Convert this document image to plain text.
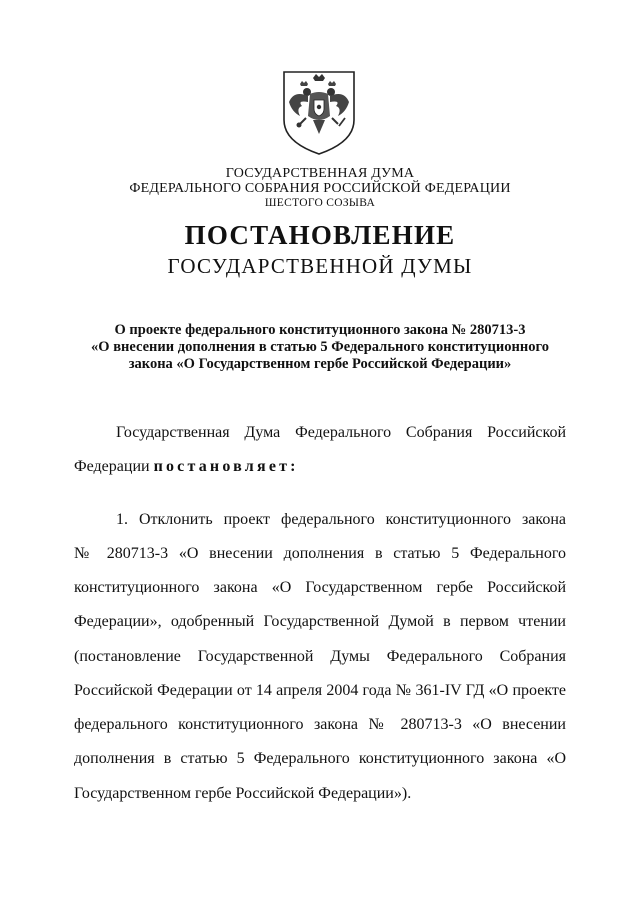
ГОСУДАРСТВЕННАЯ ДУМА
ФЕДЕРАЛЬНОГО СОБРАНИЯ РОССИЙСКОЙ ФЕДЕРАЦИИ
ШЕСТОГО СОЗЫВА
ПОСТАНОВЛЕНИЕ
ГОСУДАРСТВЕННОЙ ДУМЫ
О проекте федерального конституционного закона № 280713-3
«О внесении дополнения в статью 5 Федерального конституционного
закона «О Государственном гербе Российской Федерации»
Государственная Дума Федерального Собрания Российской
Федерации постановляет:
1. Отклонить проект федерального конституционного закона
№ 280713-3 «О внесении дополнения в статью 5 Федерального
конституционного закона «О Государственном гербе Российской
Федерации», одобренный Государственной Думой в первом чтении
(постановление Государственной Думы Федерального Собрания
Российской Федерации от 14 апреля 2004 года № 361-IV ГД «О проекте
федерального конституционного закона № 280713-3 «О внесении
дополнения в статью 5 Федерального конституционного закона «О
Государственном гербе Российской Федерации»).
